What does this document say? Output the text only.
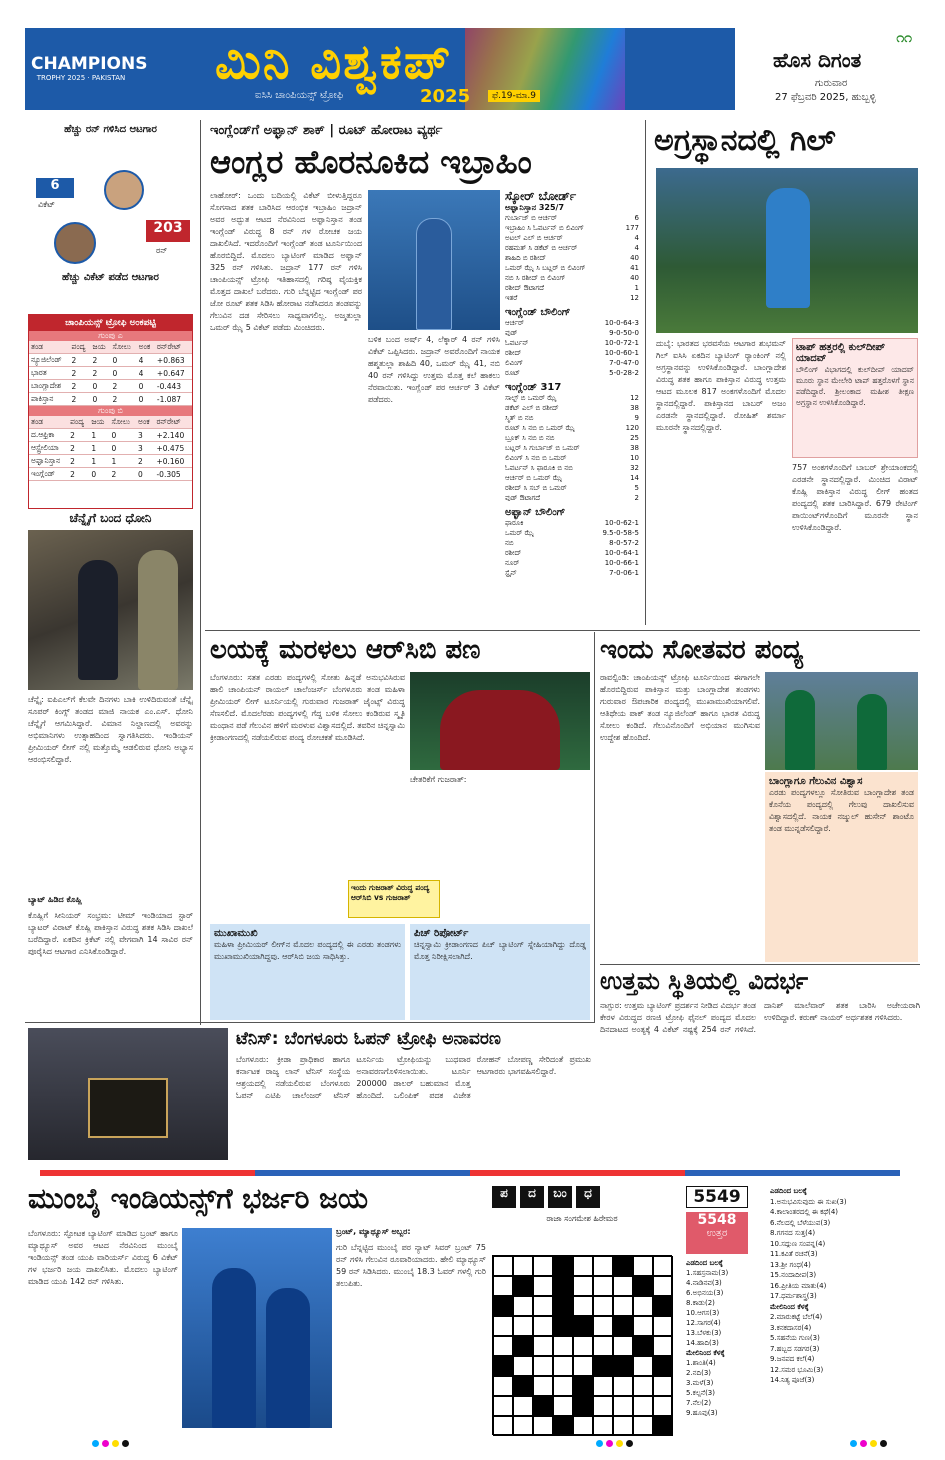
CHAMPIONS
TROPHY 2025 · PAKISTAN ಮಿನಿ ವಿಶ್ವಕಪ್
ಐಸಿಸಿ ಚಾಂಪಿಯನ್ಸ್ ಟ್ರೋಫಿ	2025	ಫೆ.19-ಮಾ.9
೧೧
ಹೊಸ ದಿಗಂತ
ಗುರುವಾರ
27 ಫೆಬ್ರವರಿ 2025, ಹುಬ್ಬಳ್ಳಿ
ಹೆಚ್ಚು ರನ್ ಗಳಿಸಿದ ಆಟಗಾರ
6
ವಿಕೆಟ್
203
ರನ್
ಹೆಚ್ಚು ವಿಕೆಟ್ ಪಡೆದ ಆಟಗಾರ
ಚಾಂಪಿಯನ್ಸ್ ಟ್ರೋಫಿ ಅಂಕಪಟ್ಟಿ
ಗುಂಪು ಎ
ತಂಡ	ಪಂದ್ಯ	ಜಯ	ಸೋಲು	ಅಂಕ	ರನ್‌ರೇಟ್
ನ್ಯೂಜಿಲೆಂಡ್	2	2	0	4	+0.863
ಭಾರತ	2	2	0	4	+0.647
ಬಾಂಗ್ಲಾದೇಶ	2	0	2	0	-0.443
ಪಾಕಿಸ್ತಾನ	2	0	2	0	-1.087
ಗುಂಪು ಬಿ
ತಂಡ	ಪಂದ್ಯ	ಜಯ	ಸೋಲು	ಅಂಕ	ರನ್‌ರೇಟ್
ದ.ಆಫ್ರಿಕಾ	2	1	0	3	+2.140
ಆಸ್ಟ್ರೇಲಿಯಾ	2	1	0	3	+0.475
ಅಫ್ಘಾನಿಸ್ತಾನ	2	1	1	2	+0.160
ಇಂಗ್ಲೆಂಡ್	2	0	2	0	-0.305
ಚೆನ್ನೈಗೆ ಬಂದ ಧೋನಿ
ಚೆನ್ನೈ: ಐಪಿಎಲ್‌ಗೆ ಕೆಲವೇ ದಿನಗಳು ಬಾಕಿ ಉಳಿದಿರುವಂತೆ ಚೆನ್ನೈ ಸೂಪರ್ ಕಿಂಗ್ಸ್ ತಂಡದ ಮಾಜಿ ನಾಯಕ ಎಂ.ಎಸ್. ಧೋನಿ ಚೆನ್ನೈಗೆ ಆಗಮಿಸಿದ್ದಾರೆ. ವಿಮಾನ ನಿಲ್ದಾಣದಲ್ಲಿ ಅವರನ್ನು ಅಭಿಮಾನಿಗಳು ಉತ್ಸಾಹದಿಂದ ಸ್ವಾಗತಿಸಿದರು. ಇಂಡಿಯನ್ ಪ್ರೀಮಿಯರ್ ಲೀಗ್ ನಲ್ಲಿ ಮತ್ತೊಮ್ಮೆ ಆಡಲಿರುವ ಧೋನಿ ಅಭ್ಯಾಸ ಆರಂಭಿಸಲಿದ್ದಾರೆ.
ಬ್ಯಾಟ್ ಹಿಡಿದ ಕೊಹ್ಲಿ
ಕೊಹ್ಲಿಗೆ ಸೀನಿಯರ್ ಸಂಭ್ರಮ: ಟೀಮ್ ಇಂಡಿಯಾದ ಸ್ಟಾರ್ ಬ್ಯಾಟರ್ ವಿರಾಟ್ ಕೊಹ್ಲಿ ಪಾಕಿಸ್ತಾನ ವಿರುದ್ಧ ಶತಕ ಸಿಡಿಸಿ ದಾಖಲೆ ಬರೆದಿದ್ದಾರೆ. ಏಕದಿನ ಕ್ರಿಕೆಟ್ ನಲ್ಲಿ ವೇಗವಾಗಿ 14 ಸಾವಿರ ರನ್ ಪೂರೈಸಿದ ಆಟಗಾರ ಎನಿಸಿಕೊಂಡಿದ್ದಾರೆ.
ಇಂಗ್ಲೆಂಡ್‌ಗೆ ಅಫ್ಘಾನ್ ಶಾಕ್ | ರೂಟ್ ಹೋರಾಟ ವ್ಯರ್ಥ
ಆಂಗ್ಲರ ಹೊರನೂಕಿದ ಇಬ್ರಾಹಿಂ
ಲಾಹೋರ್: ಒಂದು ಬದಿಯಲ್ಲಿ ವಿಕೆಟ್ ಬೀಳುತ್ತಿದ್ದರೂ ಸೊಗಸಾದ ಶತಕ ಬಾರಿಸಿದ ಆರಂಭಿಕ ಇಬ್ರಾಹಿಂ ಜದ್ರಾನ್ ಅವರ ಅದ್ಭುತ ಆಟದ ನೆರವಿನಿಂದ ಅಫ್ಘಾನಿಸ್ತಾನ ತಂಡ ಇಂಗ್ಲೆಂಡ್ ವಿರುದ್ಧ 8 ರನ್ ಗಳ ರೋಚಕ ಜಯ ದಾಖಲಿಸಿದೆ. ಇದರೊಂದಿಗೆ ಇಂಗ್ಲೆಂಡ್ ತಂಡ ಟೂರ್ನಿಯಿಂದ ಹೊರಬಿದ್ದಿದೆ. ಮೊದಲು ಬ್ಯಾಟಿಂಗ್ ಮಾಡಿದ ಅಫ್ಘಾನ್ 325 ರನ್ ಗಳಿಸಿತು. ಜದ್ರಾನ್ 177 ರನ್ ಗಳಿಸಿ ಚಾಂಪಿಯನ್ಸ್ ಟ್ರೋಫಿ ಇತಿಹಾಸದಲ್ಲಿ ಗರಿಷ್ಠ ವೈಯಕ್ತಿಕ ಮೊತ್ತದ ದಾಖಲೆ ಬರೆದರು. ಗುರಿ ಬೆನ್ನಟ್ಟಿದ ಇಂಗ್ಲೆಂಡ್ ಪರ ಜೋ ರೂಟ್ ಶತಕ ಸಿಡಿಸಿ ಹೋರಾಟ ನಡೆಸಿದರೂ ತಂಡವನ್ನು ಗೆಲುವಿನ ದಡ ಸೇರಿಸಲು ಸಾಧ್ಯವಾಗಲಿಲ್ಲ. ಅಜ್ಮತುಲ್ಲಾ ಒಮರ್ ಝೈ 5 ವಿಕೆಟ್ ಪಡೆದು ಮಿಂಚಿದರು.
ಬಳಿಕ ಬಂದ ಅರ್ಷ್ 4, ಲೆಕ್ಕಾರ್ 4 ರನ್ ಗಳಿಸಿ ವಿಕೆಟ್ ಒಪ್ಪಿಸಿದರು. ಜದ್ರಾನ್ ಅವರೊಂದಿಗೆ ನಾಯಕ ಹಶ್ಮತುಲ್ಲಾ ಶಾಹಿದಿ 40, ಒಮರ್ ಝೈ 41, ನಬಿ 40 ರನ್ ಗಳಿಸಿದ್ದು ಉತ್ತಮ ಮೊತ್ತ ಕಲೆ ಹಾಕಲು ನೆರವಾಯಿತು. ಇಂಗ್ಲೆಂಡ್ ಪರ ಆರ್ಚರ್ 3 ವಿಕೆಟ್ ಪಡೆದರು.
ಸ್ಕೋರ್ ಬೋರ್ಡ್
ಅಫ್ಘಾನಿಸ್ತಾನ 325/7
ಗುರ್ಬಾಜ್ ಬಿ ಆರ್ಚರ್	6
ಇಬ್ರಾಹಿಂ ಸಿ ಓವರ್ಟನ್ ಬಿ ಲಿವಿಂಗ್	177
ಅಟಲ್ ಎಲ್ ಬಿ ಆರ್ಚರ್	4
ರಹಮತ್ ಸಿ ಡಕೆಟ್ ಬಿ ಆರ್ಚರ್	4
ಶಾಹಿದಿ ಬಿ ರಶೀದ್	40
ಒಮರ್ ಝೈ ಸಿ ಬಟ್ಲರ್ ಬಿ ಲಿವಿಂಗ್	41
ನಬಿ ಸಿ ರಶೀದ್ ಬಿ ಲಿವಿಂಗ್	40
ರಶೀದ್ ಔಟಾಗದೆ	1
ಇತರೆ	12
ಇಂಗ್ಲೆಂಡ್ ಬೌಲಿಂಗ್
ಆರ್ಚರ್	10-0-64-3
ವುಡ್	9-0-50-0
ಓವರ್ಟನ್	10-0-72-1
ರಶೀದ್	10-0-60-1
ಲಿವಿಂಗ್	7-0-47-0
ರೂಟ್	5-0-28-2
ಇಂಗ್ಲೆಂಡ್ 317
ಸಾಲ್ಟ್ ಬಿ ಒಮರ್ ಝೈ	12
ಡಕೆಟ್ ಎಲ್ ಬಿ ರಶೀದ್	38
ಸ್ಮಿತ್ ಬಿ ನಬಿ	9
ರೂಟ್ ಸಿ ನಬಿ ಬಿ ಒಮರ್ ಝೈ	120
ಬ್ರೂಕ್ ಸಿ ನಬಿ ಬಿ ನಬಿ	25
ಬಟ್ಲರ್ ಸಿ ಗುರ್ಬಾಜ್ ಬಿ ಒಮರ್	38
ಲಿವಿಂಗ್ ಸಿ ನಬಿ ಬಿ ಒಮರ್	10
ಓವರ್ಟನ್ ಸಿ ಫಾರೂಕಿ ಬಿ ನಬಿ	32
ಆರ್ಚರ್ ಬಿ ಒಮರ್ ಝೈ	14
ರಶೀದ್ ಸಿ ಸಬ್ ಬಿ ಒಮರ್	5
ವುಡ್ ಔಟಾಗದೆ	2
ಅಫ್ಘಾನ್ ಬೌಲಿಂಗ್
ಫಾರೂಕಿ	10-0-62-1
ಒಮರ್ ಝೈ	9.5-0-58-5
ನಬಿ	8-0-57-2
ರಶೀದ್	10-0-64-1
ನೂರ್	10-0-66-1
ಸ್ಟೈನ್	7-0-06-1
ಅಗ್ರಸ್ಥಾನದಲ್ಲಿ ಗಿಲ್
ದುಬೈ: ಭಾರತದ ಭರವಸೆಯ ಆಟಗಾರ ಶುಭಮನ್ ಗಿಲ್ ಐಸಿಸಿ ಏಕದಿನ ಬ್ಯಾಟಿಂಗ್ ರ‍್ಯಾಂಕಿಂಗ್ ನಲ್ಲಿ ಅಗ್ರಸ್ಥಾನವನ್ನು ಉಳಿಸಿಕೊಂಡಿದ್ದಾರೆ. ಬಾಂಗ್ಲಾದೇಶ ವಿರುದ್ಧ ಶತಕ ಹಾಗೂ ಪಾಕಿಸ್ತಾನ ವಿರುದ್ಧ ಉತ್ತಮ ಆಟದ ಮೂಲಕ 817 ಅಂಕಗಳೊಂದಿಗೆ ಮೊದಲ ಸ್ಥಾನದಲ್ಲಿದ್ದಾರೆ. ಪಾಕಿಸ್ತಾನದ ಬಾಬರ್ ಅಜಂ ಎರಡನೇ ಸ್ಥಾನದಲ್ಲಿದ್ದಾರೆ. ರೋಹಿತ್ ಶರ್ಮಾ ಮೂರನೇ ಸ್ಥಾನದಲ್ಲಿದ್ದಾರೆ.
ಟಾಪ್ ಹತ್ತರಲ್ಲಿ ಕುಲ್‌ದೀಪ್ ಯಾದವ್
ಬೌಲಿಂಗ್ ವಿಭಾಗದಲ್ಲಿ ಕುಲ್‌ದೀಪ್ ಯಾದವ್ ಮೂರು ಸ್ಥಾನ ಮೇಲೇರಿ ಟಾಪ್ ಹತ್ತರೊಳಗೆ ಸ್ಥಾನ ಪಡೆದಿದ್ದಾರೆ. ಶ್ರೀಲಂಕಾದ ಮಹೀಶ ತೀಕ್ಷಣ ಅಗ್ರಸ್ಥಾನ ಉಳಿಸಿಕೊಂಡಿದ್ದಾರೆ.
757 ಅಂಕಗಳೊಂದಿಗೆ ಬಾಬರ್ ಶ್ರೇಯಾಂಕದಲ್ಲಿ ಎರಡನೇ ಸ್ಥಾನದಲ್ಲಿದ್ದಾರೆ. ಮಿಂಚಿದ ವಿರಾಟ್ ಕೊಹ್ಲಿ ಪಾಕಿಸ್ತಾನ ವಿರುದ್ಧ ಲೀಗ್ ಹಂತದ ಪಂದ್ಯದಲ್ಲಿ ಶತಕ ಬಾರಿಸಿದ್ದಾರೆ. 679 ರೇಟಿಂಗ್ ಪಾಯಿಂಟ್‌ಗಳೊಂದಿಗೆ ಮೂರನೇ ಸ್ಥಾನ ಉಳಿಸಿಕೊಂಡಿದ್ದಾರೆ.
ಲಯಕ್ಕೆ ಮರಳಲು ಆರ್‌ಸಿಬಿ ಪಣ
ಬೆಂಗಳೂರು: ಸತತ ಎರಡು ಪಂದ್ಯಗಳಲ್ಲಿ ಸೋತು ಹಿನ್ನಡೆ ಅನುಭವಿಸಿರುವ ಹಾಲಿ ಚಾಂಪಿಯನ್ ರಾಯಲ್ ಚಾಲೆಂಜರ್ಸ್ ಬೆಂಗಳೂರು ತಂಡ ಮಹಿಳಾ ಪ್ರೀಮಿಯರ್ ಲೀಗ್ ಟೂರ್ನಿಯಲ್ಲಿ ಗುರುವಾರ ಗುಜರಾತ್ ಜೈಂಟ್ಸ್ ವಿರುದ್ಧ ಸೆಣಸಲಿದೆ. ಮೊದಲೆರಡು ಪಂದ್ಯಗಳಲ್ಲಿ ಗೆದ್ದ ಬಳಿಕ ಸೋಲು ಕಂಡಿರುವ ಸ್ಮೃತಿ ಮಂಧಾನ ಪಡೆ ಗೆಲುವಿನ ಹಳಿಗೆ ಮರಳುವ ವಿಶ್ವಾಸದಲ್ಲಿದೆ. ತವರಿನ ಚಿನ್ನಸ್ವಾಮಿ ಕ್ರೀಡಾಂಗಣದಲ್ಲಿ ನಡೆಯಲಿರುವ ಪಂದ್ಯ ರೋಚಕತೆ ಮೂಡಿಸಿದೆ.
ಚೇತರಿಕೆಗೆ ಗುಜರಾತ್:
ಇಂದು ಗುಜರಾತ್ ವಿರುದ್ಧ ಪಂದ್ಯ
ಆರ್‌ಸಿಬಿ vs ಗುಜರಾತ್
ಮುಖಾಮುಖಿ
ಮಹಿಳಾ ಪ್ರೀಮಿಯರ್ ಲೀಗ್‌ನ ಮೊದಲ ಪಂದ್ಯದಲ್ಲಿ ಈ ಎರಡು ತಂಡಗಳು ಮುಖಾಮುಖಿಯಾಗಿದ್ದವು. ಆರ್‌ಸಿಬಿ ಜಯ ಸಾಧಿಸಿತ್ತು.
ಪಿಚ್ ರಿಪೋರ್ಟ್
ಚಿನ್ನಸ್ವಾಮಿ ಕ್ರೀಡಾಂಗಣದ ಪಿಚ್ ಬ್ಯಾಟಿಂಗ್ ಸ್ನೇಹಿಯಾಗಿದ್ದು ದೊಡ್ಡ ಮೊತ್ತ ನಿರೀಕ್ಷಿಸಲಾಗಿದೆ.
ಇಂದು ಸೋತವರ ಪಂದ್ಯ
ರಾವಲ್ಪಿಂಡಿ: ಚಾಂಪಿಯನ್ಸ್ ಟ್ರೋಫಿ ಟೂರ್ನಿಯಿಂದ ಈಗಾಗಲೇ ಹೊರಬಿದ್ದಿರುವ ಪಾಕಿಸ್ತಾನ ಮತ್ತು ಬಾಂಗ್ಲಾದೇಶ ತಂಡಗಳು ಗುರುವಾರ ಔಪಚಾರಿಕ ಪಂದ್ಯದಲ್ಲಿ ಮುಖಾಮುಖಿಯಾಗಲಿವೆ. ಆತಿಥೇಯ ಪಾಕ್ ತಂಡ ನ್ಯೂಜಿಲೆಂಡ್ ಹಾಗೂ ಭಾರತ ವಿರುದ್ಧ ಸೋಲು ಕಂಡಿದೆ. ಗೆಲುವಿನೊಂದಿಗೆ ಅಭಿಯಾನ ಮುಗಿಸುವ ಉದ್ದೇಶ ಹೊಂದಿದೆ.
ಬಾಂಗ್ಲಾಗೂ ಗೆಲುವಿನ ವಿಶ್ವಾಸ
ಎರಡು ಪಂದ್ಯಗಳಲ್ಲೂ ಸೋತಿರುವ ಬಾಂಗ್ಲಾದೇಶ ತಂಡ ಕೊನೆಯ ಪಂದ್ಯದಲ್ಲಿ ಗೆಲುವು ದಾಖಲಿಸುವ ವಿಶ್ವಾಸದಲ್ಲಿದೆ. ನಾಯಕ ನಜ್ಮುಲ್ ಹುಸೇನ್ ಶಾಂಟೊ ತಂಡ ಮುನ್ನಡೆಸಲಿದ್ದಾರೆ.
ಉತ್ತಮ ಸ್ಥಿತಿಯಲ್ಲಿ ವಿದರ್ಭ
ನಾಗ್ಪುರ: ಉತ್ತಮ ಬ್ಯಾಟಿಂಗ್ ಪ್ರದರ್ಶನ ನೀಡಿದ ವಿದರ್ಭ ತಂಡ ಕೇರಳ ವಿರುದ್ಧದ ರಣಜಿ ಟ್ರೋಫಿ ಫೈನಲ್ ಪಂದ್ಯದ ಮೊದಲ ದಿನದಾಟದ ಅಂತ್ಯಕ್ಕೆ 4 ವಿಕೆಟ್ ನಷ್ಟಕ್ಕೆ 254 ರನ್ ಗಳಿಸಿದೆ. ದಾನಿಶ್ ಮಾಲೆವಾರ್ ಶತಕ ಬಾರಿಸಿ ಅಜೇಯರಾಗಿ ಉಳಿದಿದ್ದಾರೆ. ಕರುಣ್ ನಾಯರ್ ಅರ್ಧಶತಕ ಗಳಿಸಿದರು.
ಟೆನಿಸ್: ಬೆಂಗಳೂರು ಓಪನ್ ಟ್ರೋಫಿ ಅನಾವರಣ
ಬೆಂಗಳೂರು: ಕ್ರೀಡಾ ಪ್ರಾಧಿಕಾರ ಹಾಗೂ ಕರ್ನಾಟಕ ರಾಜ್ಯ ಲಾನ್ ಟೆನಿಸ್ ಸಂಸ್ಥೆಯ ಆಶ್ರಯದಲ್ಲಿ ನಡೆಯಲಿರುವ ಬೆಂಗಳೂರು ಓಪನ್ ಎಟಿಪಿ ಚಾಲೆಂಜರ್ ಟೆನಿಸ್ ಟೂರ್ನಿಯ ಟ್ರೋಫಿಯನ್ನು ಬುಧವಾರ ಅನಾವರಣಗೊಳಿಸಲಾಯಿತು. ಟೂರ್ನಿ 200000 ಡಾಲರ್ ಬಹುಮಾನ ಮೊತ್ತ ಹೊಂದಿದೆ. ಒಲಿಂಪಿಕ್ ಪದಕ ವಿಜೇತ ರೋಹನ್ ಬೋಪಣ್ಣ ಸೇರಿದಂತೆ ಪ್ರಮುಖ ಆಟಗಾರರು ಭಾಗವಹಿಸಲಿದ್ದಾರೆ.
ಮುಂಬೈ ಇಂಡಿಯನ್ಸ್‌ಗೆ ಭರ್ಜರಿ ಜಯ
ಬೆಂಗಳೂರು: ಸ್ಫೋಟಕ ಬ್ಯಾಟಿಂಗ್ ಮಾಡಿದ ಬ್ರಂಟ್ ಹಾಗೂ ಮ್ಯಾಥ್ಯೂಸ್ ಅವರ ಆಟದ ನೆರವಿನಿಂದ ಮುಂಬೈ ಇಂಡಿಯನ್ಸ್ ತಂಡ ಯುಪಿ ವಾರಿಯರ್ಸ್ ವಿರುದ್ಧ 6 ವಿಕೆಟ್ ಗಳ ಭರ್ಜರಿ ಜಯ ದಾಖಲಿಸಿತು. ಮೊದಲು ಬ್ಯಾಟಿಂಗ್ ಮಾಡಿದ ಯುಪಿ 142 ರನ್ ಗಳಿಸಿತು.
ಬ್ರಂಟ್, ಮ್ಯಾಥ್ಯೂಸ್ ಅಬ್ಬರ:
ಗುರಿ ಬೆನ್ನಟ್ಟಿದ ಮುಂಬೈ ಪರ ನ್ಯಾಟ್ ಸಿವರ್ ಬ್ರಂಟ್ 75 ರನ್ ಗಳಿಸಿ ಗೆಲುವಿನ ರೂವಾರಿಯಾದರು. ಹೇಲಿ ಮ್ಯಾಥ್ಯೂಸ್ 59 ರನ್ ಸಿಡಿಸಿದರು. ಮುಂಬೈ 18.3 ಓವರ್ ಗಳಲ್ಲಿ ಗುರಿ ತಲುಪಿತು.
ಪ	ದ	ಬಂ	ಧ
ರಾಜಾ ಸಂಗಮೇಶ ಹಿರೇಮಠ
5549
5548
ಉತ್ತರ
ಎಡದಿಂದ ಬಲಕ್ಕೆ
1.ಸಹಸ್ರನಾಮ(3)
4.ನಾಡಿನವ(3)
6.ಅಭಿನಯ(3)
8.ಕಾಡು(2)
10.ಆಗಸ(3)
12.ಸಾಗರ(4)
13.ಬೆಳಕು(3)
14.ಹಾದಿ(3)
ಮೇಲಿನಿಂದ ಕೆಳಕ್ಕೆ
1.ಶಾಂತಿ(4)
2.ನದಿ(3)
3.ಮಳೆ(3)
5.ಕಲ್ಪನೆ(3)
7.ನೆಲ(2)
9.ಹೂವು(3)
ಎಡದಿಂದ ಬಲಕ್ಕೆ
1.ಅನುಭವಿಸುವುದು ಈ ಸುಖ(3)
4.ಕಾಲಾಂತರದಲ್ಲಿ ಈ ಕಥೆ(4)
6.ನೆಲದಲ್ಲಿ ಬೆಳೆಯುವ(3)
8.ಗಗನದ ಸುತ್ತ(4)
10.ಸದ್ಗುಣ ಸಂಪನ್ನ(4)
11.ಕವಿತೆ ರಚನೆ(3)
13.ಶ್ರೀ ಗಂಧ(4)
15.ನಂದಾದೀಪ(3)
16.ಪ್ರೀತಿಯ ಮಾತು(4)
17.ಧರ್ಮಶಾಸ್ತ್ರ(3)
ಮೇಲಿನಿಂದ ಕೆಳಕ್ಕೆ
2.ಮಾರುಕಟ್ಟೆ ಬೆಲೆ(4)
3.ಕನಕದಾಸರ(4)
5.ಸಹನೆಯ ಗುಣ(3)
7.ಹಬ್ಬದ ಸಡಗರ(3)
9.ಜನಪದ ಕಲೆ(4)
12.ಸಮರ ಭೂಮಿ(3)
14.ನಿತ್ಯ ಪೂಜೆ(3)
